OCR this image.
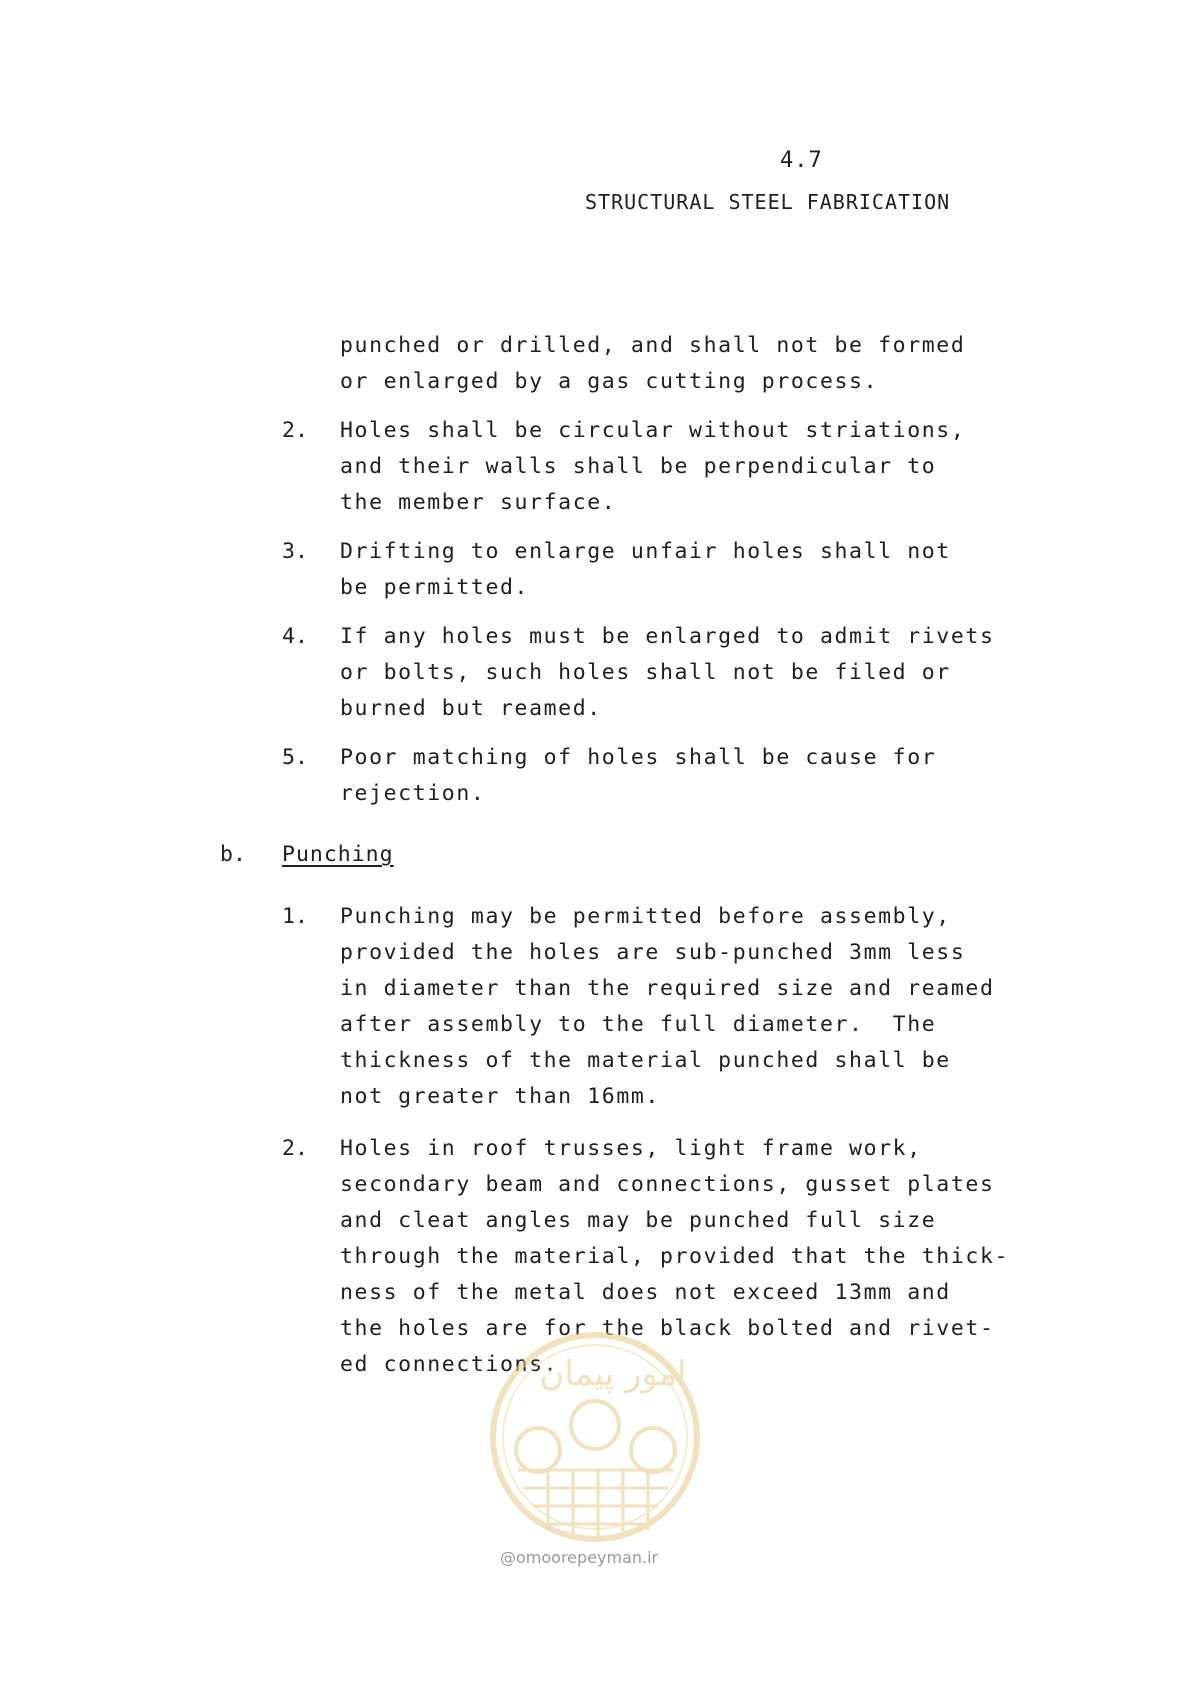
4.7
STRUCTURAL STEEL FABRICATION
punched or drilled, and shall not be formed
or enlarged by a gas cutting process.
2. Holes shall be circular without striations,
and their walls shall be perpendicular to
the member surface.
3. Drifting to enlarge unfair holes shall not
be permitted.
4. If any holes must be enlarged to admit rivets
or bolts, such holes shall not be filed or
burned but reamed.
5. Poor matching of holes shall be cause for
rejection.
b. Punching
1. Punching may be permitted before assembly,
provided the holes are sub-punched 3mm less
in diameter than the required size and reamed
after assembly to the full diameter.  The
thickness of the material punched shall be
not greater than 16mm.
2. Holes in roof trusses, light frame work,
secondary beam and connections, gusset plates
and cleat angles may be punched full size
through the material, provided that the thick-
ness of the metal does not exceed 13mm and
the holes are for the black bolted and rivet-
ed connections.
امور پیمان
@omoorepeyman.ir
